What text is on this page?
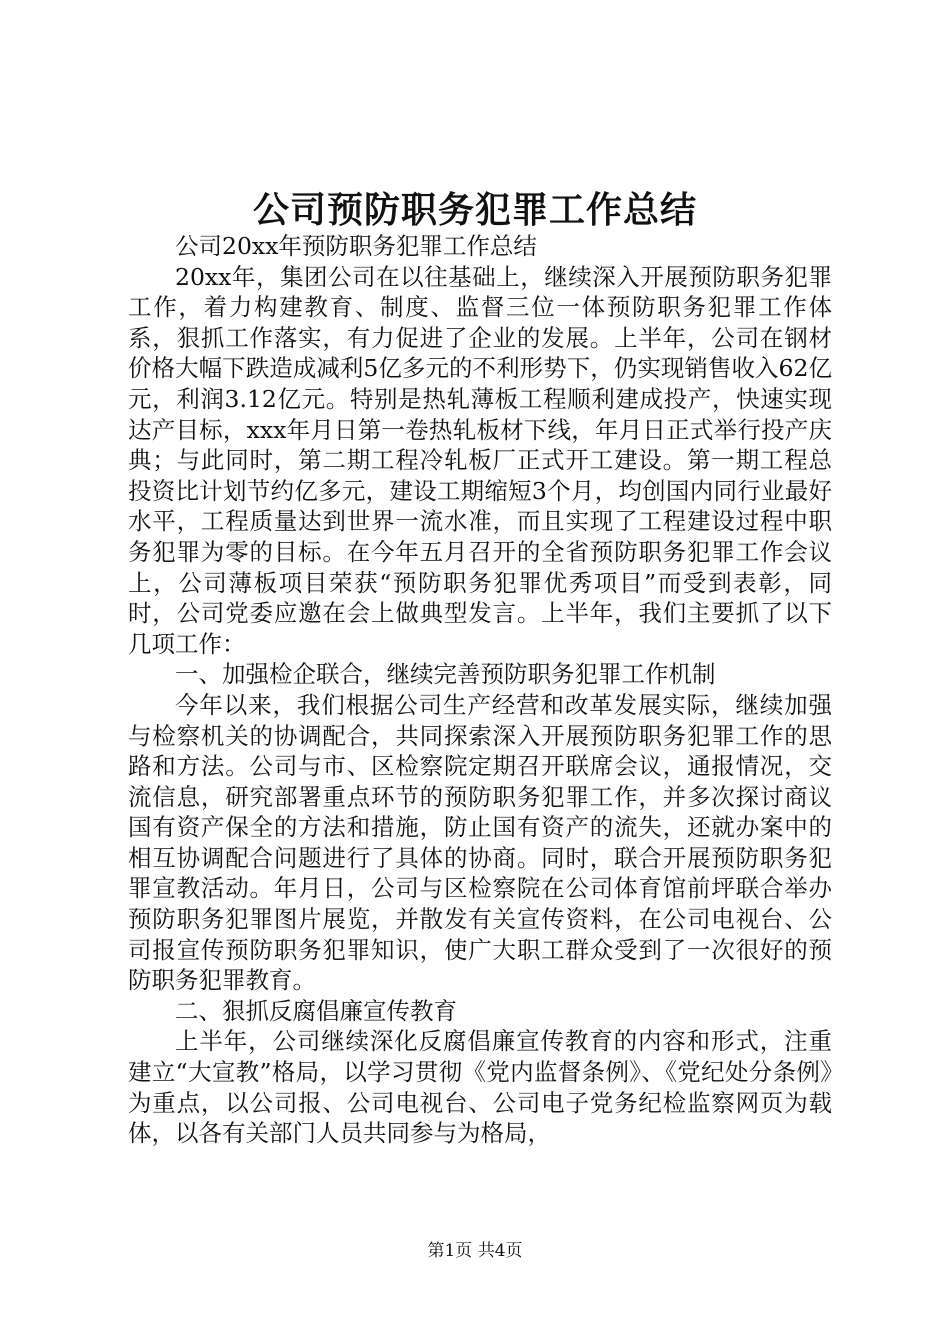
公司预防职务犯罪工作总结

公司20xx年预防职务犯罪工作总结

20xx年，集团公司在以往基础上，继续深入开展预防职务犯罪工作，着力构建教育、制度、监督三位一体预防职务犯罪工作体系，狠抓工作落实，有力促进了企业的发展。上半年，公司在钢材价格大幅下跌造成减利5亿多元的不利形势下，仍实现销售收入62亿元，利润3.12亿元。特别是热轧薄板工程顺利建成投产，快速实现达产目标，xxx年月日第一卷热轧板材下线，年月日正式举行投产庆典；与此同时，第二期工程冷轧板厂正式开工建设。第一期工程总投资比计划节约亿多元，建设工期缩短3个月，均创国内同行业最好水平，工程质量达到世界一流水准，而且实现了工程建设过程中职务犯罪为零的目标。在今年五月召开的全省预防职务犯罪工作会议上，公司薄板项目荣获“预防职务犯罪优秀项目”而受到表彰，同时，公司党委应邀在会上做典型发言。上半年，我们主要抓了以下几项工作：

一、加强检企联合，继续完善预防职务犯罪工作机制

今年以来，我们根据公司生产经营和改革发展实际，继续加强与检察机关的协调配合，共同探索深入开展预防职务犯罪工作的思路和方法。公司与市、区检察院定期召开联席会议，通报情况，交流信息，研究部署重点环节的预防职务犯罪工作，并多次探讨商议国有资产保全的方法和措施，防止国有资产的流失，还就办案中的相互协调配合问题进行了具体的协商。同时，联合开展预防职务犯罪宣教活动。年月日，公司与区检察院在公司体育馆前坪联合举办预防职务犯罪图片展览，并散发有关宣传资料，在公司电视台、公司报宣传预防职务犯罪知识，使广大职工群众受到了一次很好的预防职务犯罪教育。

二、狠抓反腐倡廉宣传教育

上半年，公司继续深化反腐倡廉宣传教育的内容和形式，注重建立“大宣教”格局，以学习贯彻《党内监督条例》、《党纪处分条例》为重点，以公司报、公司电视台、公司电子党务纪检监察网页为载体，以各有关部门人员共同参与为格局，

第1页 共4页
